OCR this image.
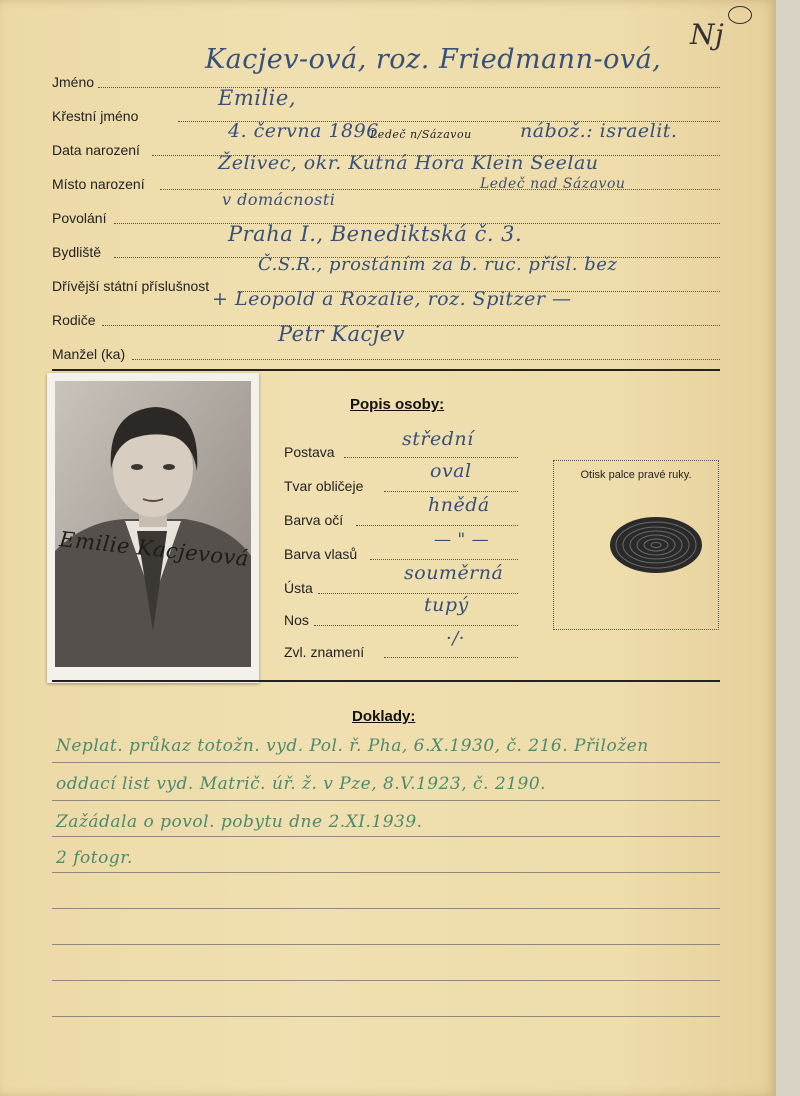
Nj
Jméno
Kacjev-ová, roz. Friedmann-ová,
Křestní jméno
Emilie,
Data narození
4. června 1896
Ledeč n/Sázavou	nábož.: israelit.
Místo narození
Želivec, okr. Kutná Hora Klein Seelau
Ledeč nad Sázavou
Povolání
v domácnosti
Bydliště
Praha I., Benediktská č. 3.
Dřívější státní příslušnost
Č.S.R., prostáním za b. ruc. přísl. bez
Rodiče
+ Leopold a Rozalie, roz. Spitzer —
Manžel (ka)
Petr Kacjev
Emilie Kacjevová
Popis osoby:
Postava
střední
Tvar obličeje
oval
Barva očí
hnědá
Barva vlasů
— " —
Ústa
souměrná
Nos
tupý
Zvl. znamení
·/·
Otisk palce pravé ruky.
Doklady:
Neplat. průkaz totožn. vyd. Pol. ř. Pha, 6.X.1930, č. 216. Přiložen
oddací list vyd. Matrič. úř. ž. v Pze, 8.V.1923, č. 2190.
Zažádala o povol. pobytu dne 2.XI.1939.
2 fotogr.
